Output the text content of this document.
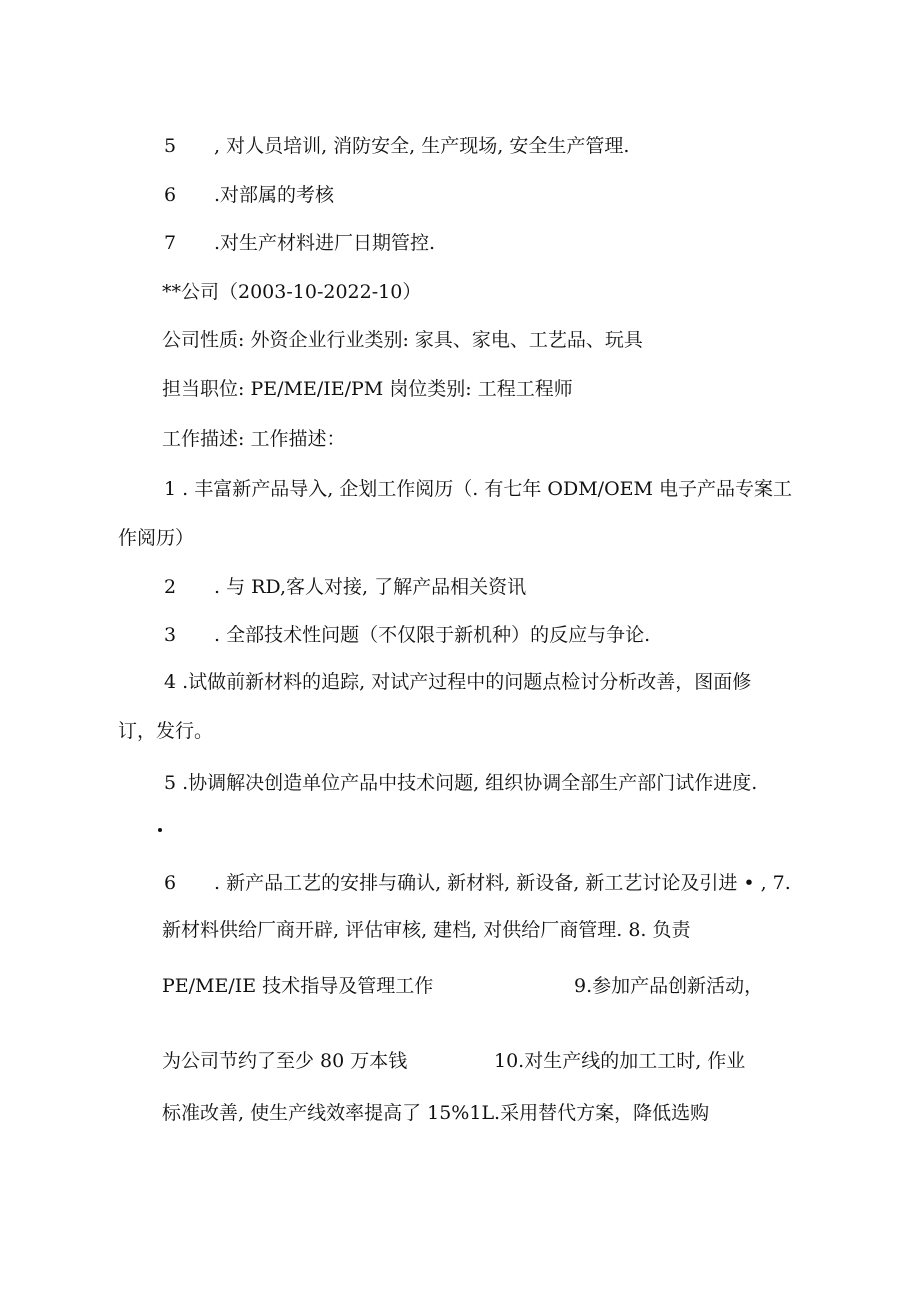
5 , 对人员培训, 消防安全, 生产现场, 安全生产管理.
6 .对部属的考核
7 .对生产材料进厂日期管控.
**公司（2003-10-2022-10）
公司性质: 外资企业行业类别: 家具、家电、工艺品、玩具
担当职位: PE/ME/IE/PM 岗位类别: 工程工程师
工作描述: 工作描述：
1 . 丰富新产品导入, 企划工作阅历（. 有七年 ODM/OEM 电子产品专案工
作阅历）
2 . 与 RD,客人对接, 了解产品相关资讯
3 . 全部技术性问题（不仅限于新机种）的反应与争论.
4 .试做前新材料的追踪, 对试产过程中的问题点检讨分析改善，图面修
订，发行。
5 .协调解决创造单位产品中技术问题, 组织协调全部生产部门试作进度.
6 . 新产品工艺的安排与确认, 新材料, 新设备, 新工艺讨论及引进 • , 7.
新材料供给厂商开辟, 评估审核, 建档, 对供给厂商管理. 8. 负责
PE/ME/IE 技术指导及管理工作	9.参加产品创新活动，
为公司节约了至少 80 万本钱	10.对生产线的加工工时, 作业
标准改善, 使生产线效率提高了 15%1L.采用替代方案，降低选购
